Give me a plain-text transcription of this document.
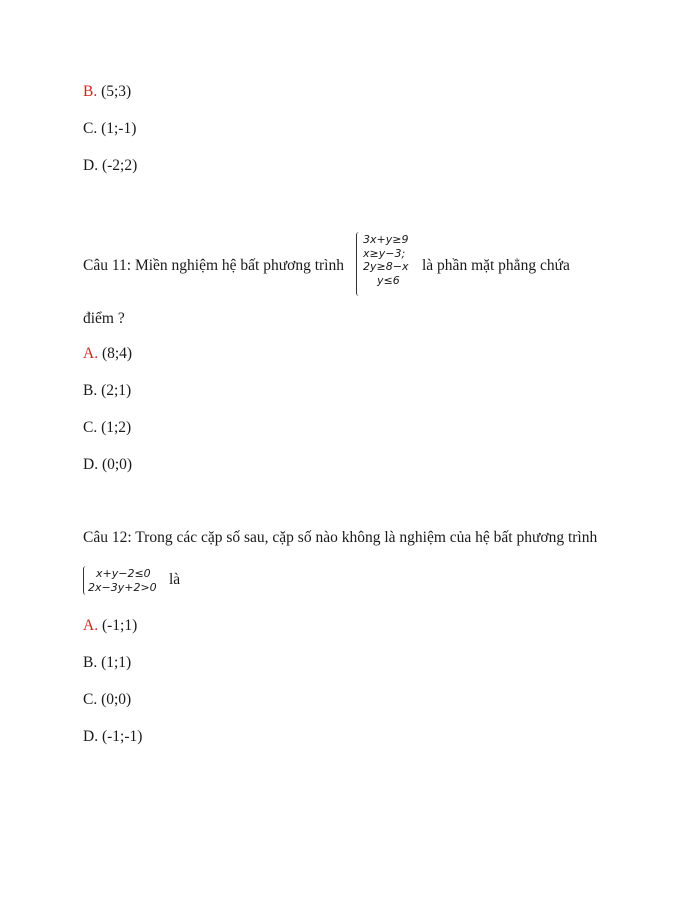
B. (5;3)
C. (1;-1)
D. (-2;2)
Câu 11: Miền nghiệm hệ bất phương trình
3x+y≥9
x≥y−3;
2y≥8−x
y≤6
là phần mặt phẳng chứa
điểm ?
A. (8;4)
B. (2;1)
C. (1;2)
D. (0;0)
Câu 12: Trong các cặp số sau, cặp số nào không là nghiệm của hệ bất phương trình
x+y−2≤0
2x−3y+2>0 là
A. (-1;1)
B. (1;1)
C. (0;0)
D. (-1;-1)
